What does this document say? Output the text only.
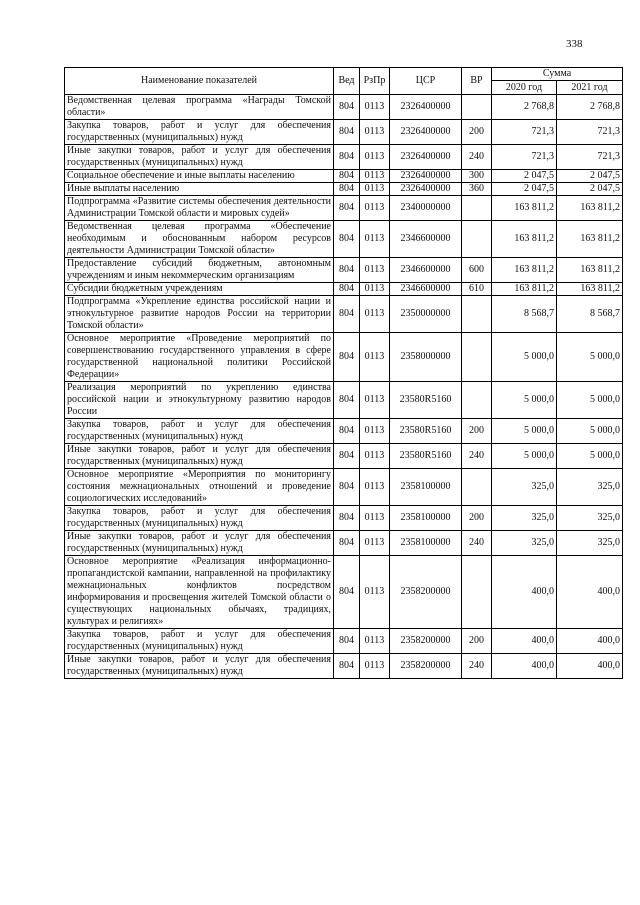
338
Наименование показателей	Вед	РзПр	ЦСР	ВР	Сумма	
					2020 год	2021 год
Ведомственная целевая программа «Награды Томской области»	804	0113	2326400000		2 768,8	2 768,8
Закупка товаров, работ и услуг для обеспечения государственных (муниципальных) нужд	804	0113	2326400000	200	721,3	721,3
Иные закупки товаров, работ и услуг для обеспечения государственных (муниципальных) нужд	804	0113	2326400000	240	721,3	721,3
Социальное обеспечение и иные выплаты населению	804	0113	2326400000	300	2 047,5	2 047,5
Иные выплаты населению	804	0113	2326400000	360	2 047,5	2 047,5
Подпрограмма «Развитие системы обеспечения деятельности Администрации Томской области и мировых судей»	804	0113	2340000000		163 811,2	163 811,2
Ведомственная целевая программа «Обеспечение необходимым и обоснованным набором ресурсов деятельности Администрации Томской области»	804	0113	2346600000		163 811,2	163 811,2
Предоставление субсидий бюджетным, автономным учреждениям и иным некоммерческим организациям	804	0113	2346600000	600	163 811,2	163 811,2
Субсидии бюджетным учреждениям	804	0113	2346600000	610	163 811,2	163 811,2
Подпрограмма «Укрепление единства российской нации и этнокультурное развитие народов России на территории Томской области»	804	0113	2350000000		8 568,7	8 568,7
Основное мероприятие «Проведение мероприятий по совершенствованию государственного управления в сфере государственной национальной политики Российской Федерации»	804	0113	2358000000		5 000,0	5 000,0
Реализация мероприятий по укреплению единства российской нации и этнокультурному развитию народов России	804	0113	23580R5160		5 000,0	5 000,0
Закупка товаров, работ и услуг для обеспечения государственных (муниципальных) нужд	804	0113	23580R5160	200	5 000,0	5 000,0
Иные закупки товаров, работ и услуг для обеспечения государственных (муниципальных) нужд	804	0113	23580R5160	240	5 000,0	5 000,0
Основное мероприятие «Мероприятия по мониторингу состояния межнациональных отношений и проведение социологических исследований»	804	0113	2358100000		325,0	325,0
Закупка товаров, работ и услуг для обеспечения государственных (муниципальных) нужд	804	0113	2358100000	200	325,0	325,0
Иные закупки товаров, работ и услуг для обеспечения государственных (муниципальных) нужд	804	0113	2358100000	240	325,0	325,0
Основное мероприятие «Реализация информационно-пропагандистской кампании, направленной на профилактику межнациональных конфликтов посредством информирования и просвещения жителей Томской области о существующих национальных обычаях, традициях, культурах и религиях»	804	0113	2358200000		400,0	400,0
Закупка товаров, работ и услуг для обеспечения государственных (муниципальных) нужд	804	0113	2358200000	200	400,0	400,0
Иные закупки товаров, работ и услуг для обеспечения государственных (муниципальных) нужд	804	0113	2358200000	240	400,0	400,0
